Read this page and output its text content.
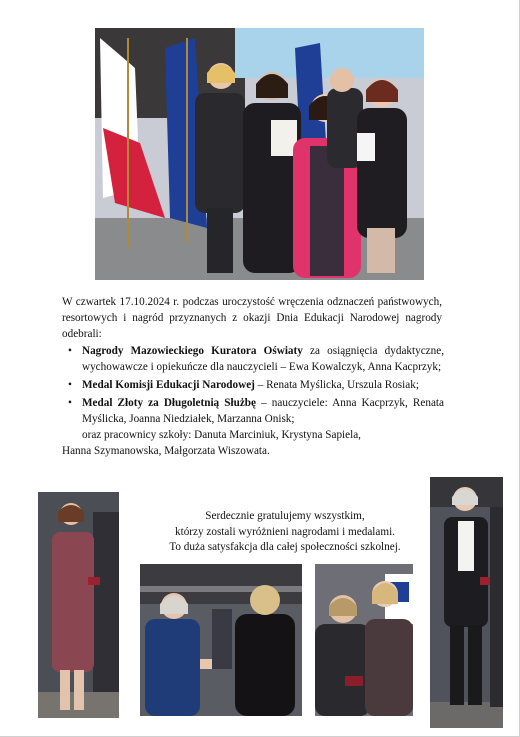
W czwartek 17.10.2024 r. podczas uroczystość wręczenia odznaczeń państwowych, resortowych i nagród przyznanych z okazji Dnia Edukacji Narodowej nagrody odebrali:

• Nagrody Mazowieckiego Kuratora Oświaty za osiągnięcia dydaktyczne, wychowawcze i opiekuńcze dla nauczycieli – Ewa Kowalczyk, Anna Kacprzyk;
• Medal Komisji Edukacji Narodowej – Renata Myślicka, Urszula Rosiak;
• Medal Złoty za Długoletnią Służbę – nauczyciele: Anna Kacprzyk, Renata Myślicka, Joanna Niedziałek, Marzanna Onisk;
oraz pracownicy szkoły: Danuta Marciniuk, Krystyna Sapiela,
Hanna Szymanowska, Małgorzata Wiszowata.
Serdecznie gratulujemy wszystkim,
którzy zostali wyróżnieni nagrodami i medalami.
To duża satysfakcja dla całej społeczności szkolnej.
